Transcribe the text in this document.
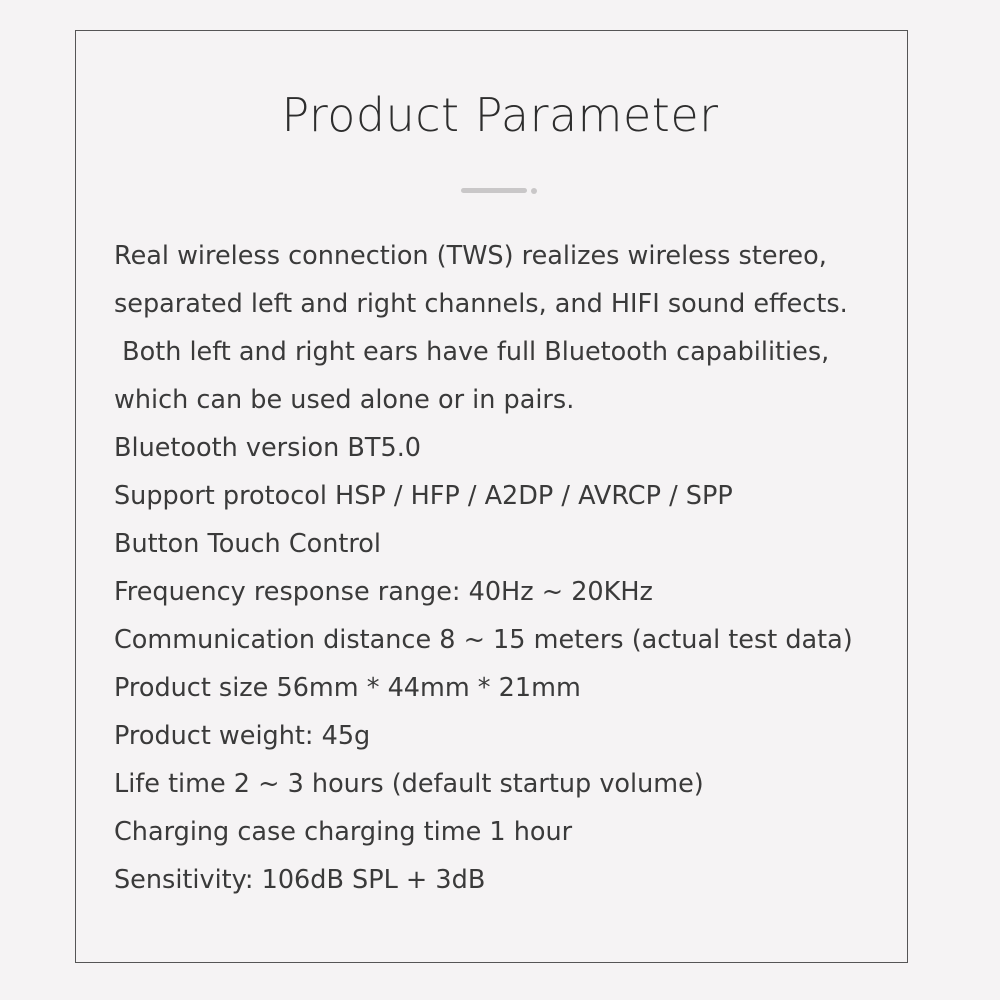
Product Parameter
Real wireless connection (TWS) realizes wireless stereo,
separated left and right channels, and HIFI sound effects.
Both left and right ears have full Bluetooth capabilities,
which can be used alone or in pairs.
Bluetooth version BT5.0
Support protocol HSP / HFP / A2DP / AVRCP / SPP
Button Touch Control
Frequency response range: 40Hz ~ 20KHz
Communication distance 8 ~ 15 meters (actual test data)
Product size 56mm * 44mm * 21mm
Product weight: 45g
Life time 2 ~ 3 hours (default startup volume)
Charging case charging time 1 hour
Sensitivity: 106dB SPL + 3dB
